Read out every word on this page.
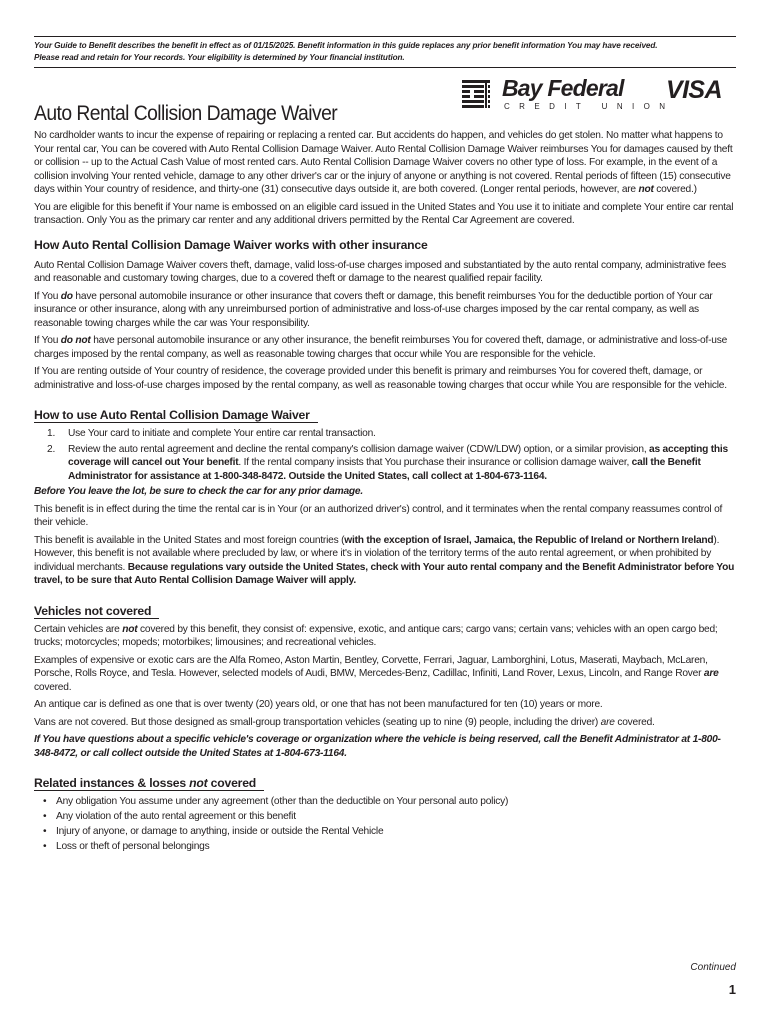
Your Guide to Benefit describes the benefit in effect as of 01/15/2025. Benefit information in this guide replaces any prior benefit information You may have received.
Please read and retain for Your records. Your eligibility is determined by Your financial institution.
Auto Rental Collision Damage Waiver
Bay Federal
CREDIT UNION
VISA

No cardholder wants to incur the expense of repairing or replacing a rented car. But accidents do happen, and vehicles do get stolen. No matter what happens to Your rental car, You can be covered with Auto Rental Collision Damage Waiver. Auto Rental Collision Damage Waiver reimburses You for damages caused by theft or collision -- up to the Actual Cash Value of most rented cars. Auto Rental Collision Damage Waiver covers no other type of loss. For example, in the event of a collision involving Your rented vehicle, damage to any other driver's car or the injury of anyone or anything is not covered. Rental periods of fifteen (15) consecutive days within Your country of residence, and thirty-one (31) consecutive days outside it, are both covered. (Longer rental periods, however, are not covered.)

You are eligible for this benefit if Your name is embossed on an eligible card issued in the United States and You use it to initiate and complete Your entire car rental transaction. Only You as the primary car renter and any additional drivers permitted by the Rental Car Agreement are covered.

How Auto Rental Collision Damage Waiver works with other insurance

Auto Rental Collision Damage Waiver covers theft, damage, valid loss-of-use charges imposed and substantiated by the auto rental company, administrative fees and reasonable and customary towing charges, due to a covered theft or damage to the nearest qualified repair facility.

If You do have personal automobile insurance or other insurance that covers theft or damage, this benefit reimburses You for the deductible portion of Your car insurance or other insurance, along with any unreimbursed portion of administrative and loss-of-use charges imposed by the car rental company, as well as reasonable towing charges while the car was Your responsibility.

If You do not have personal automobile insurance or any other insurance, the benefit reimburses You for covered theft, damage, or administrative and loss-of-use charges imposed by the rental company, as well as reasonable towing charges that occur while You are responsible for the vehicle.

If You are renting outside of Your country of residence, the coverage provided under this benefit is primary and reimburses You for covered theft, damage, or administrative and loss-of-use charges imposed by the rental company, as well as reasonable towing charges that occur while You are responsible for the vehicle.

How to use Auto Rental Collision Damage Waiver
1. Use Your card to initiate and complete Your entire car rental transaction.
2. Review the auto rental agreement and decline the rental company's collision damage waiver (CDW/LDW) option, or a similar provision, as accepting this coverage will cancel out Your benefit. If the rental company insists that You purchase their insurance or collision damage waiver, call the Benefit Administrator for assistance at 1-800-348-8472. Outside the United States, call collect at 1-804-673-1164.

Before You leave the lot, be sure to check the car for any prior damage.

This benefit is in effect during the time the rental car is in Your (or an authorized driver's) control, and it terminates when the rental company reassumes control of their vehicle.

This benefit is available in the United States and most foreign countries (with the exception of Israel, Jamaica, the Republic of Ireland or Northern Ireland). However, this benefit is not available where precluded by law, or where it's in violation of the territory terms of the auto rental agreement, or when prohibited by individual merchants. Because regulations vary outside the United States, check with Your auto rental company and the Benefit Administrator before You travel, to be sure that Auto Rental Collision Damage Waiver will apply.

Vehicles not covered

Certain vehicles are not covered by this benefit, they consist of: expensive, exotic, and antique cars; cargo vans; certain vans; vehicles with an open cargo bed; trucks; motorcycles; mopeds; motorbikes; limousines; and recreational vehicles.

Examples of expensive or exotic cars are the Alfa Romeo, Aston Martin, Bentley, Corvette, Ferrari, Jaguar, Lamborghini, Lotus, Maserati, Maybach, McLaren, Porsche, Rolls Royce, and Tesla. However, selected models of Audi, BMW, Mercedes-Benz, Cadillac, Infiniti, Land Rover, Lexus, Lincoln, and Range Rover are covered.

An antique car is defined as one that is over twenty (20) years old, or one that has not been manufactured for ten (10) years or more.

Vans are not covered. But those designed as small-group transportation vehicles (seating up to nine (9) people, including the driver) are covered.

If You have questions about a specific vehicle's coverage or organization where the vehicle is being reserved, call the Benefit Administrator at 1-800-348-8472, or call collect outside the United States at 1-804-673-1164.

Related instances & losses not covered
• Any obligation You assume under any agreement (other than the deductible on Your personal auto policy)
• Any violation of the auto rental agreement or this benefit
• Injury of anyone, or damage to anything, inside or outside the Rental Vehicle
• Loss or theft of personal belongings
Continued
1
